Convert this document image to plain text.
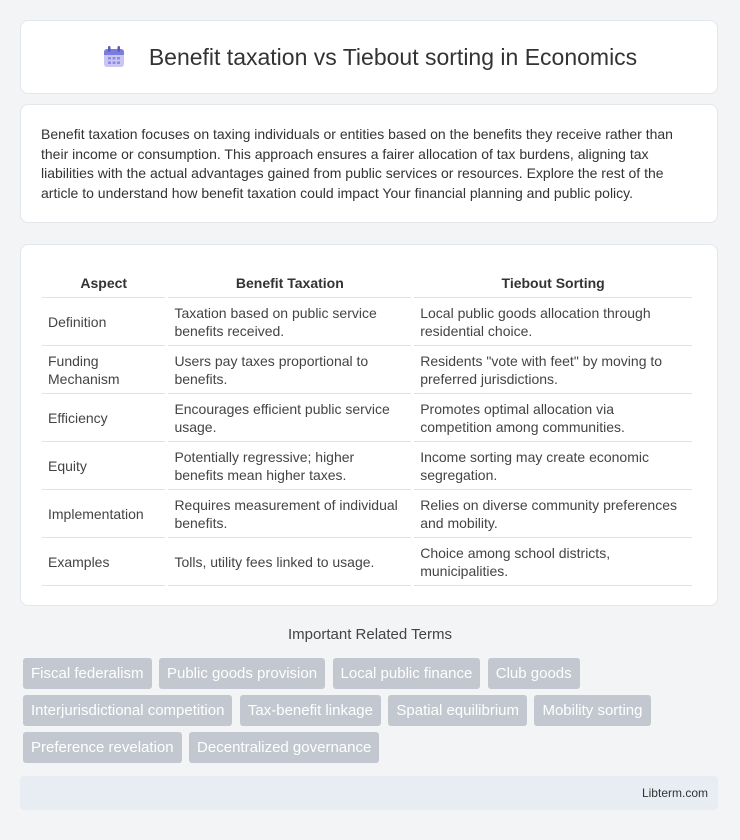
Benefit taxation vs Tiebout sorting in Economics

Benefit taxation focuses on taxing individuals or entities based on the benefits they receive rather than their income or consumption. This approach ensures a fairer allocation of tax burdens, aligning tax liabilities with the actual advantages gained from public services or resources. Explore the rest of the article to understand how benefit taxation could impact Your financial planning and public policy.

Aspect	Benefit Taxation	Tiebout Sorting
Definition	Taxation based on public service benefits received.	Local public goods allocation through residential choice.
Funding Mechanism	Users pay taxes proportional to benefits.	Residents "vote with feet" by moving to preferred jurisdictions.
Efficiency	Encourages efficient public service usage.	Promotes optimal allocation via competition among communities.
Equity	Potentially regressive; higher benefits mean higher taxes.	Income sorting may create economic segregation.
Implementation	Requires measurement of individual benefits.	Relies on diverse community preferences and mobility.
Examples	Tolls, utility fees linked to usage.	Choice among school districts, municipalities.
Important Related Terms
Fiscal federalism Public goods provision Local public finance Club goods Interjurisdictional competition Tax-benefit linkage Spatial equilibrium Mobility sorting Preference revelation Decentralized governance
Libterm.com
